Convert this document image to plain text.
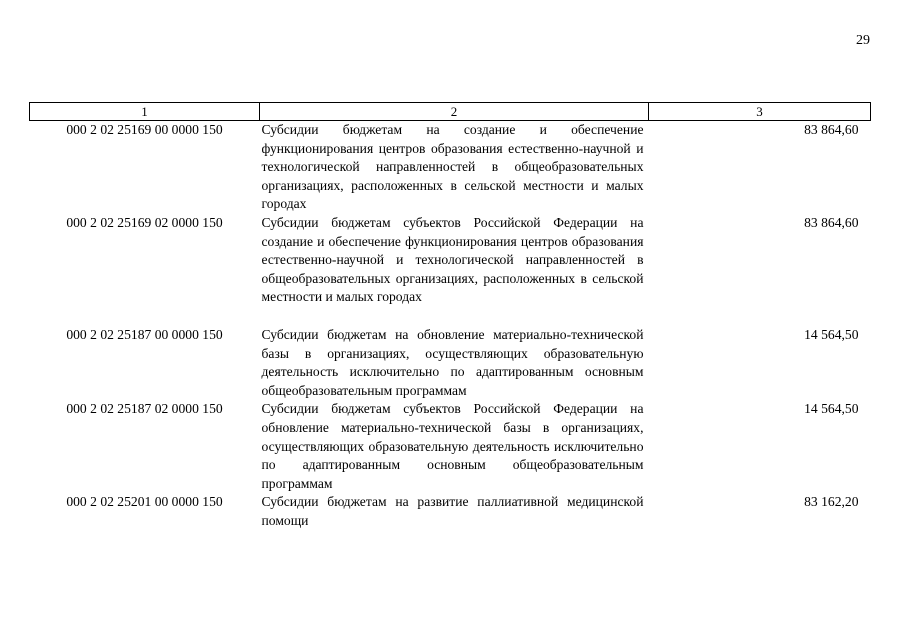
29
1	2	3
000 2 02 25169 00 0000 150	Субсидии бюджетам на создание и обеспечение функционирования центров образования естественно-научной и технологической направленностей в общеобразовательных организациях, расположенных в сельской местности и малых городах	83 864,60
000 2 02 25169 02 0000 150	Субсидии бюджетам субъектов Российской Федерации на создание и обеспечение функционирования центров образования естественно-научной и технологической направленностей в общеобразовательных организациях, расположенных в сельской местности и малых городах	83 864,60
000 2 02 25187 00 0000 150	Субсидии бюджетам на обновление материально-технической базы в организациях, осуществляющих образовательную деятельность исключительно по адаптированным основным общеобразовательным программам	14 564,50
000 2 02 25187 02 0000 150	Субсидии бюджетам субъектов Российской Федерации на обновление материально-технической базы в организациях, осуществляющих образовательную деятельность исключительно по адаптированным основным общеобразовательным программам	14 564,50
000 2 02 25201 00 0000 150	Субсидии бюджетам на развитие паллиативной медицинской помощи	83 162,20
